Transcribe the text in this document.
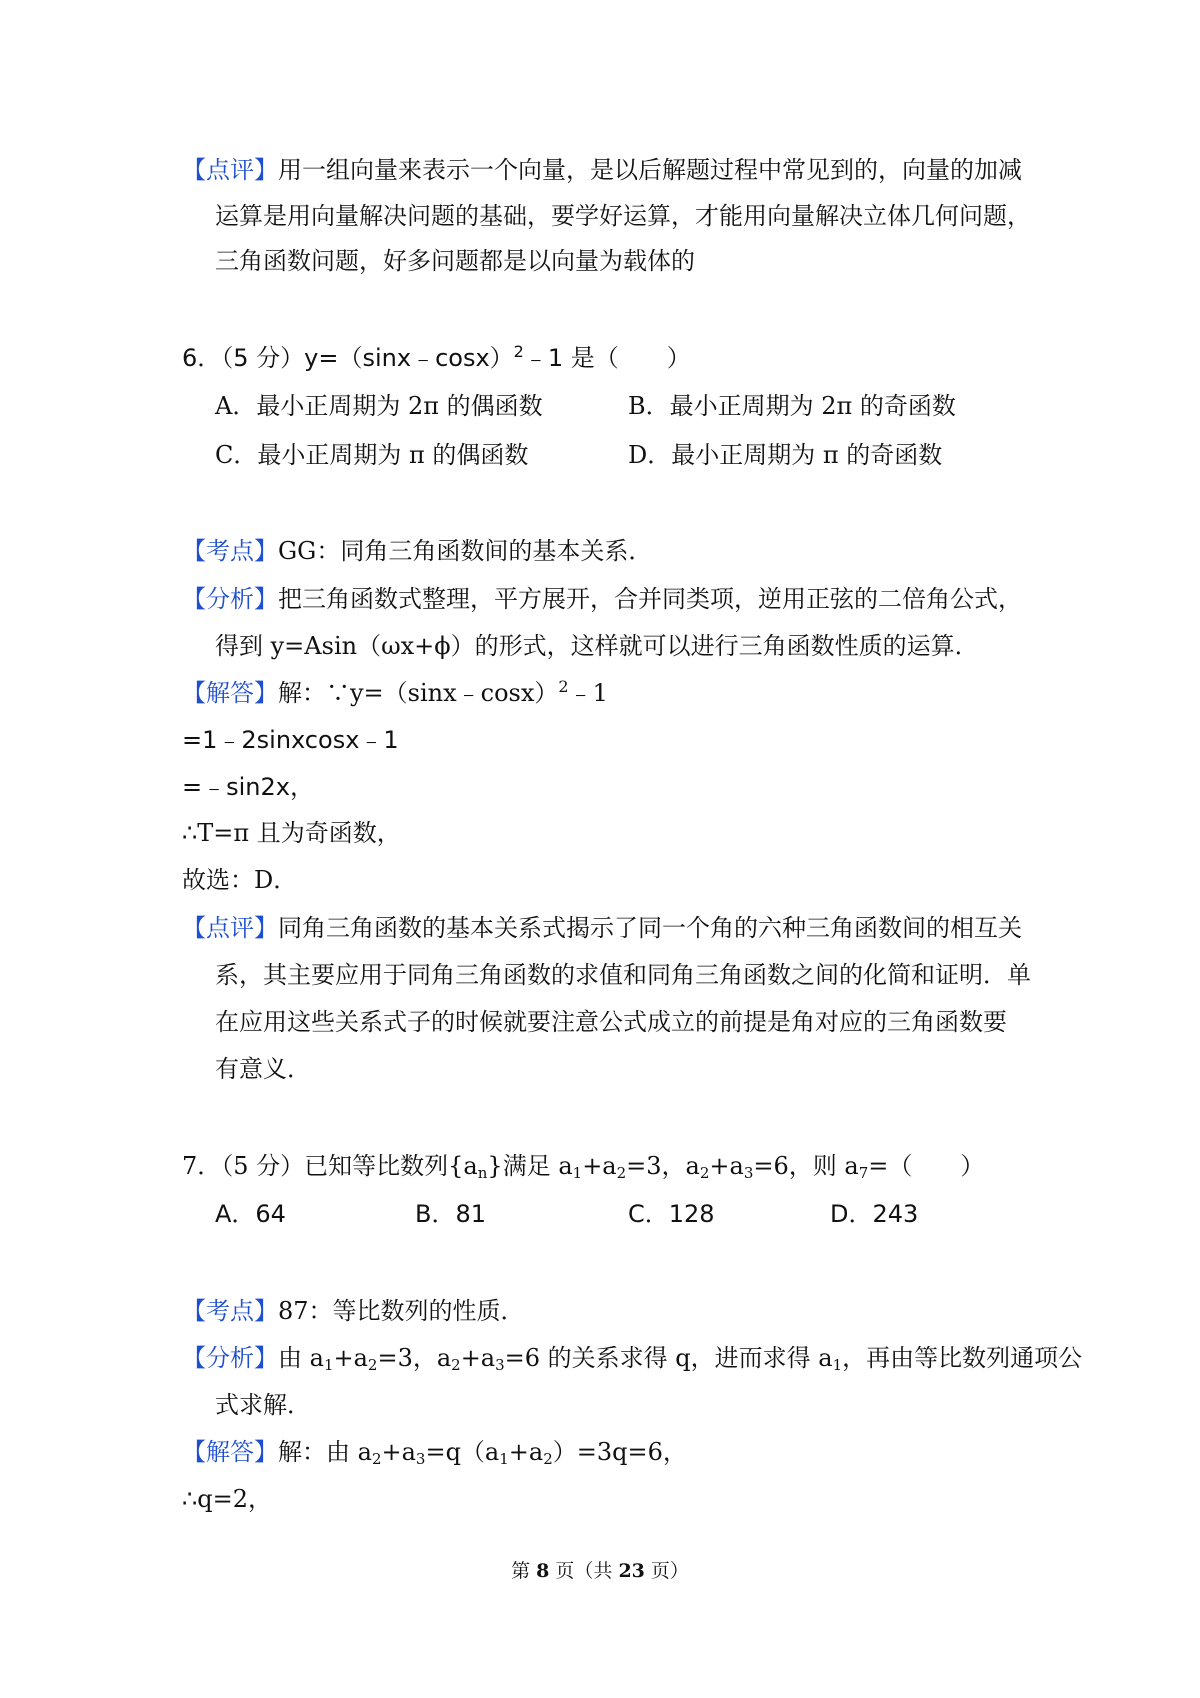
【点评】用一组向量来表示一个向量，是以后解题过程中常见到的，向量的加减
运算是用向量解决问题的基础，要学好运算，才能用向量解决立体几何问题，
三角函数问题，好多问题都是以向量为载体的
6．（5 分）y=（sinx﹣cosx）$^2$﹣1 是（　　）
A．最小正周期为 2π 的偶函数	B．最小正周期为 2π 的奇函数
C．最小正周期为 π 的偶函数	D．最小正周期为 π 的奇函数
【考点】GG：同角三角函数间的基本关系．
【分析】把三角函数式整理，平方展开，合并同类项，逆用正弦的二倍角公式，
得到 y=Asin（ωx+ϕ）的形式，这样就可以进行三角函数性质的运算．
【解答】解：∵y=（sinx﹣cosx）$^2$﹣1
=1﹣2sinxcosx﹣1
=﹣sin2x，
∴T=π 且为奇函数，
故选：D．
【点评】同角三角函数的基本关系式揭示了同一个角的六种三角函数间的相互关
系，其主要应用于同角三角函数的求值和同角三角函数之间的化简和证明．单
在应用这些关系式子的时候就要注意公式成立的前提是角对应的三角函数要
有意义．
7．（5 分）已知等比数列$\{a_n\}$满足 $a_1+a_2=3$，$a_2+a_3=6$，则 $a_7=$（　　）
A．64	B．81	C．128	D．243
【考点】87：等比数列的性质．
【分析】由 $a_1+a_2=3$，$a_2+a_3=6$ 的关系求得 q，进而求得 $a_1$，再由等比数列通项公
式求解．
【解答】解：由 $a_2+a_3=q(a_1+a_2)=3q=6$，
∴q=2，
第 8 页（共 23 页）
